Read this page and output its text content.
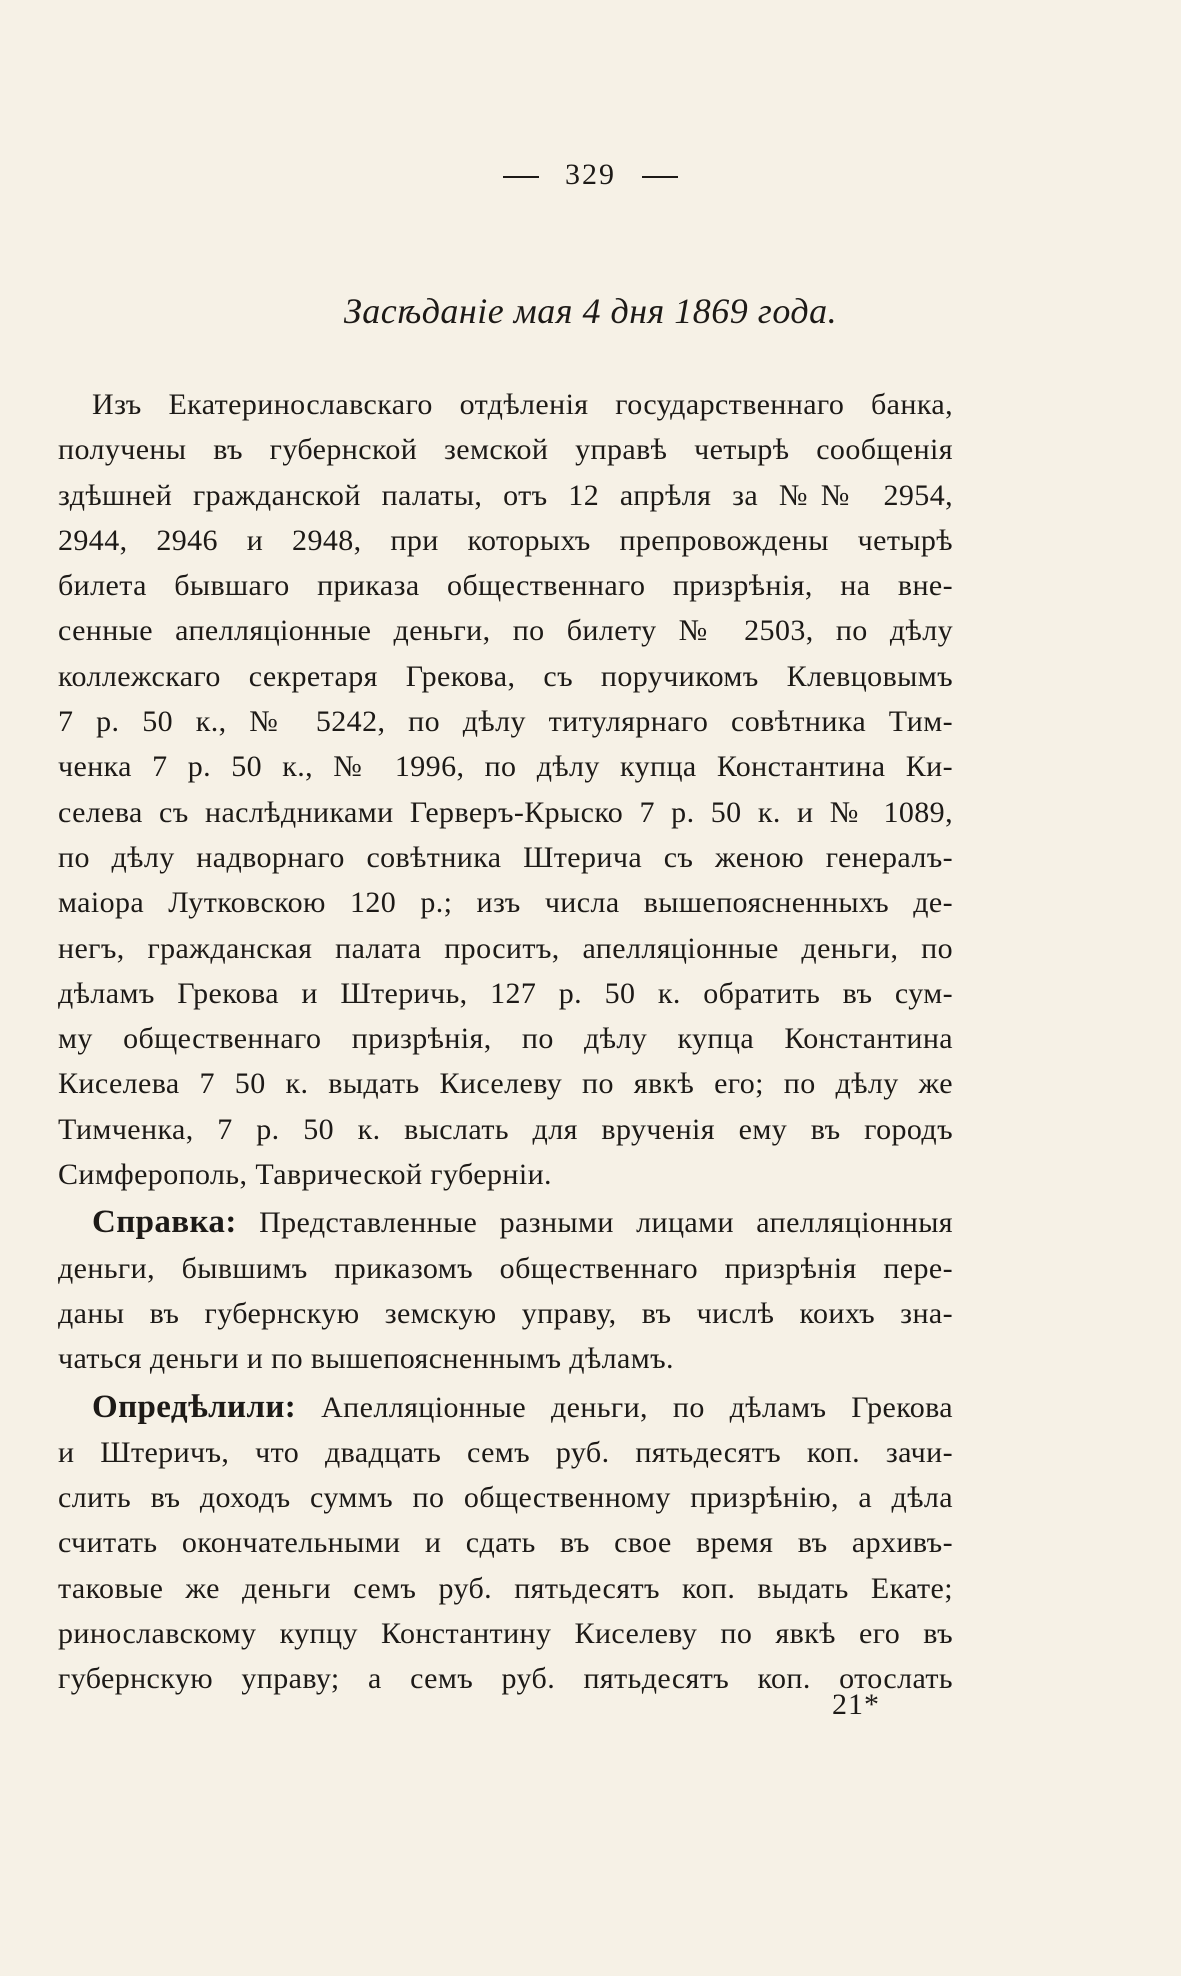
329
Засѣданіе мая 4 дня 1869 года.
Изъ Екатеринославскаго отдѣленія государственнаго банка,
получены въ губернской земской управѣ четырѣ сообщенія
здѣшней гражданской палаты, отъ 12 апрѣля за №№ 2954,
2944, 2946 и 2948, при которыхъ препровождены четырѣ
билета бывшаго приказа общественнаго призрѣнія, на вне-
сенные апелляціонные деньги, по билету № 2503, по дѣлу
коллежскаго секретаря Грекова, съ поручикомъ Клевцовымъ
7 р. 50 к., № 5242, по дѣлу титулярнаго совѣтника Тим-
ченка 7 р. 50 к., № 1996, по дѣлу купца Константина Ки-
селева съ наслѣдниками Герверъ-Крыско 7 р. 50 к. и № 1089,
по дѣлу надворнаго совѣтника Штерича съ женою генералъ-
маіора Лутковскою 120 р.; изъ числа вышепоясненныхъ де-
негъ, гражданская палата проситъ, апелляціонные деньги, по
дѣламъ Грекова и Штеричь, 127 р. 50 к. обратить въ сум-
му общественнаго призрѣнія, по дѣлу купца Константина
Киселева 7 50 к. выдать Киселеву по явкѣ его; по дѣлу же
Тимченка, 7 р. 50 к. выслать для врученія ему въ городъ
Симферополь, Таврической губерніи.
Справка: Представленные разными лицами апелляціонныя
деньги, бывшимъ приказомъ общественнаго призрѣнія пере-
даны въ губернскую земскую управу, въ числѣ коихъ зна-
чаться деньги и по вышепоясненнымъ дѣламъ.
Опредѣлили: Апелляціонные деньги, по дѣламъ Грекова
и Штеричъ, что двадцать семъ руб. пятьдесятъ коп. зачи-
слить въ доходъ суммъ по общественному призрѣнію, а дѣла
считать окончательными и сдать въ свое время въ архивъ-
таковые же деньги семъ руб. пятьдесятъ коп. выдать Екате;
ринославскому купцу Константину Киселеву по явкѣ его въ
губернскую управу; а семъ руб. пятьдесятъ коп. отослать
21*
